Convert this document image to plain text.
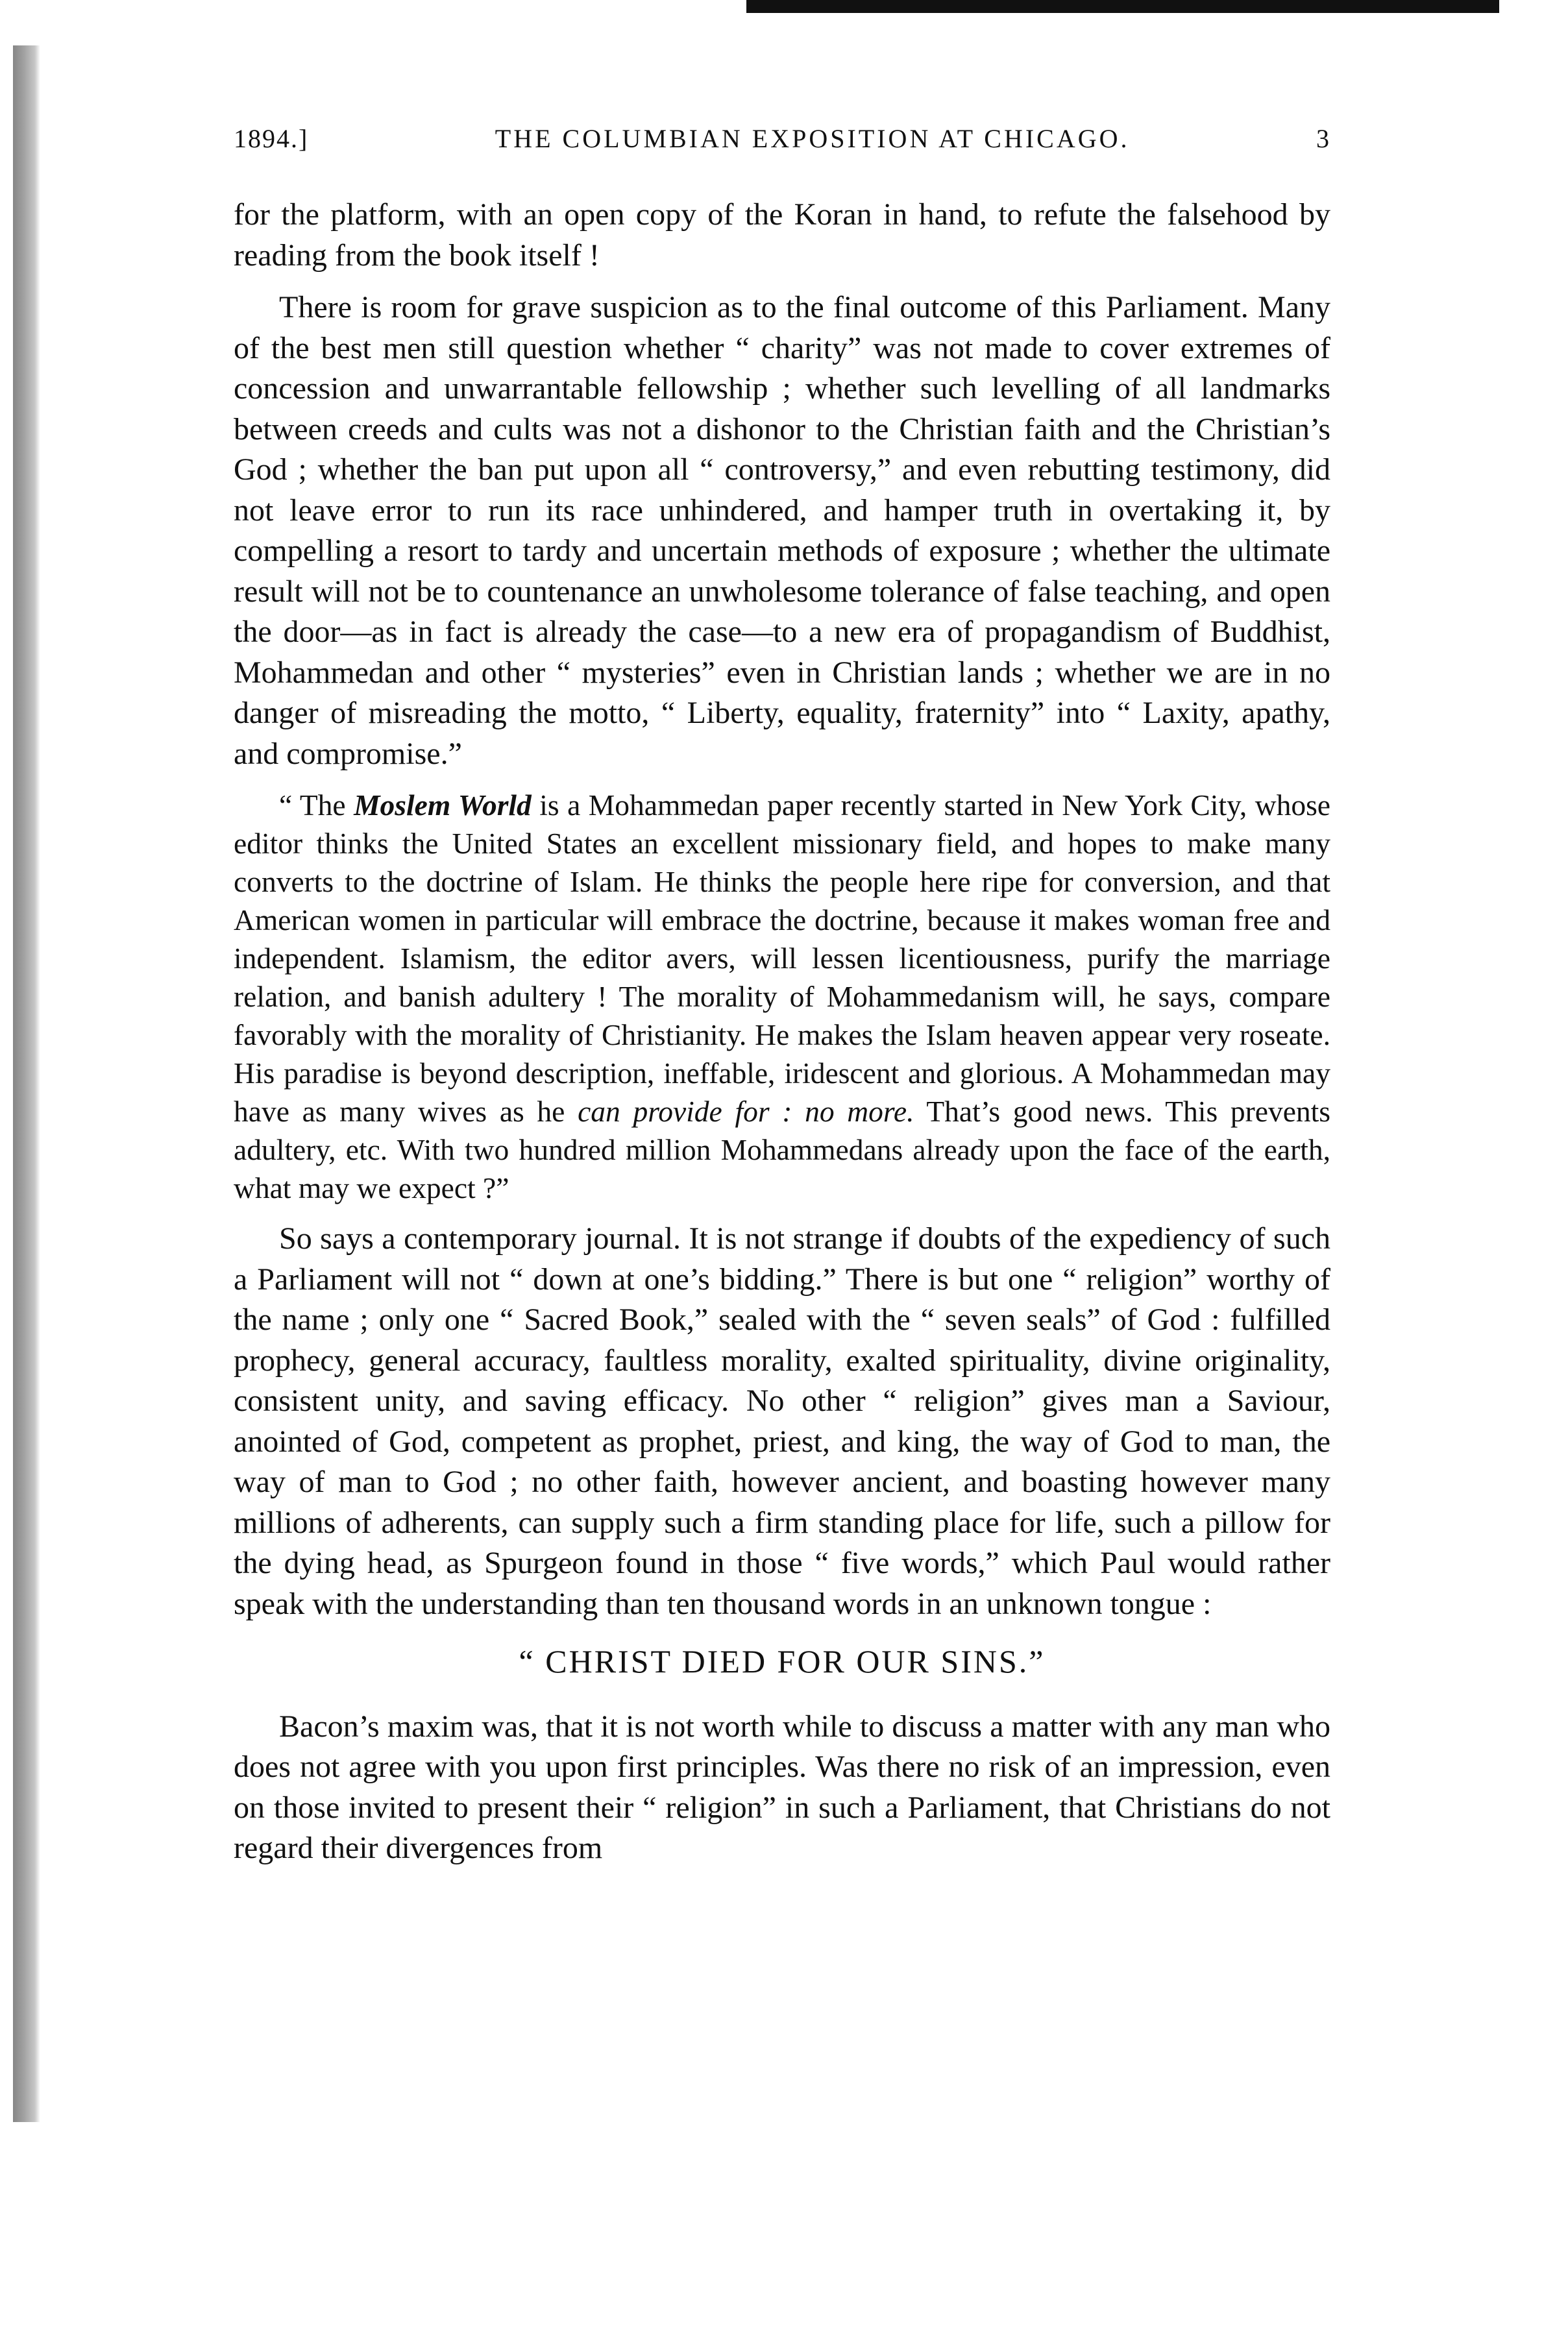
1894.]	THE COLUMBIAN EXPOSITION AT CHICAGO.	3

for the platform, with an open copy of the Koran in hand, to refute the falsehood by reading from the book itself !

There is room for grave suspicion as to the final outcome of this Parliament. Many of the best men still question whether “ charity” was not made to cover extremes of concession and unwarrantable fellowship ; whether such levelling of all landmarks between creeds and cults was not a dishonor to the Christian faith and the Christian’s God ; whether the ban put upon all “ controversy,” and even rebutting testimony, did not leave error to run its race unhindered, and hamper truth in overtaking it, by compelling a resort to tardy and uncertain methods of exposure ; whether the ultimate result will not be to countenance an unwholesome tolerance of false teaching, and open the door—as in fact is already the case—to a new era of propagandism of Buddhist, Mohammedan and other “ mysteries” even in Christian lands ; whether we are in no danger of misreading the motto, “ Liberty, equality, fraternity” into “ Laxity, apathy, and compromise.”

“ The Moslem World is a Mohammedan paper recently started in New York City, whose editor thinks the United States an excellent missionary field, and hopes to make many converts to the doctrine of Islam. He thinks the people here ripe for conversion, and that American women in particular will embrace the doctrine, because it makes woman free and independent. Islamism, the editor avers, will lessen licentiousness, purify the marriage relation, and banish adultery ! The morality of Mohammedanism will, he says, compare favorably with the morality of Christianity. He makes the Islam heaven appear very roseate. His paradise is beyond description, ineffable, iridescent and glorious. A Mohammedan may have as many wives as he can provide for : no more. That’s good news. This prevents adultery, etc. With two hundred million Mohammedans already upon the face of the earth, what may we expect ?”

So says a contemporary journal. It is not strange if doubts of the expediency of such a Parliament will not “ down at one’s bidding.” There is but one “ religion” worthy of the name ; only one “ Sacred Book,” sealed with the “ seven seals” of God : fulfilled prophecy, general accuracy, faultless morality, exalted spirituality, divine originality, consistent unity, and saving efficacy. No other “ religion” gives man a Saviour, anointed of God, competent as prophet, priest, and king, the way of God to man, the way of man to God ; no other faith, however ancient, and boasting however many millions of adherents, can supply such a firm standing place for life, such a pillow for the dying head, as Spurgeon found in those “ five words,” which Paul would rather speak with the understanding than ten thousand words in an unknown tongue :

“ CHRIST DIED FOR OUR SINS.”

Bacon’s maxim was, that it is not worth while to discuss a matter with any man who does not agree with you upon first principles. Was there no risk of an impression, even on those invited to present their “ religion” in such a Parliament, that Christians do not regard their divergences from
